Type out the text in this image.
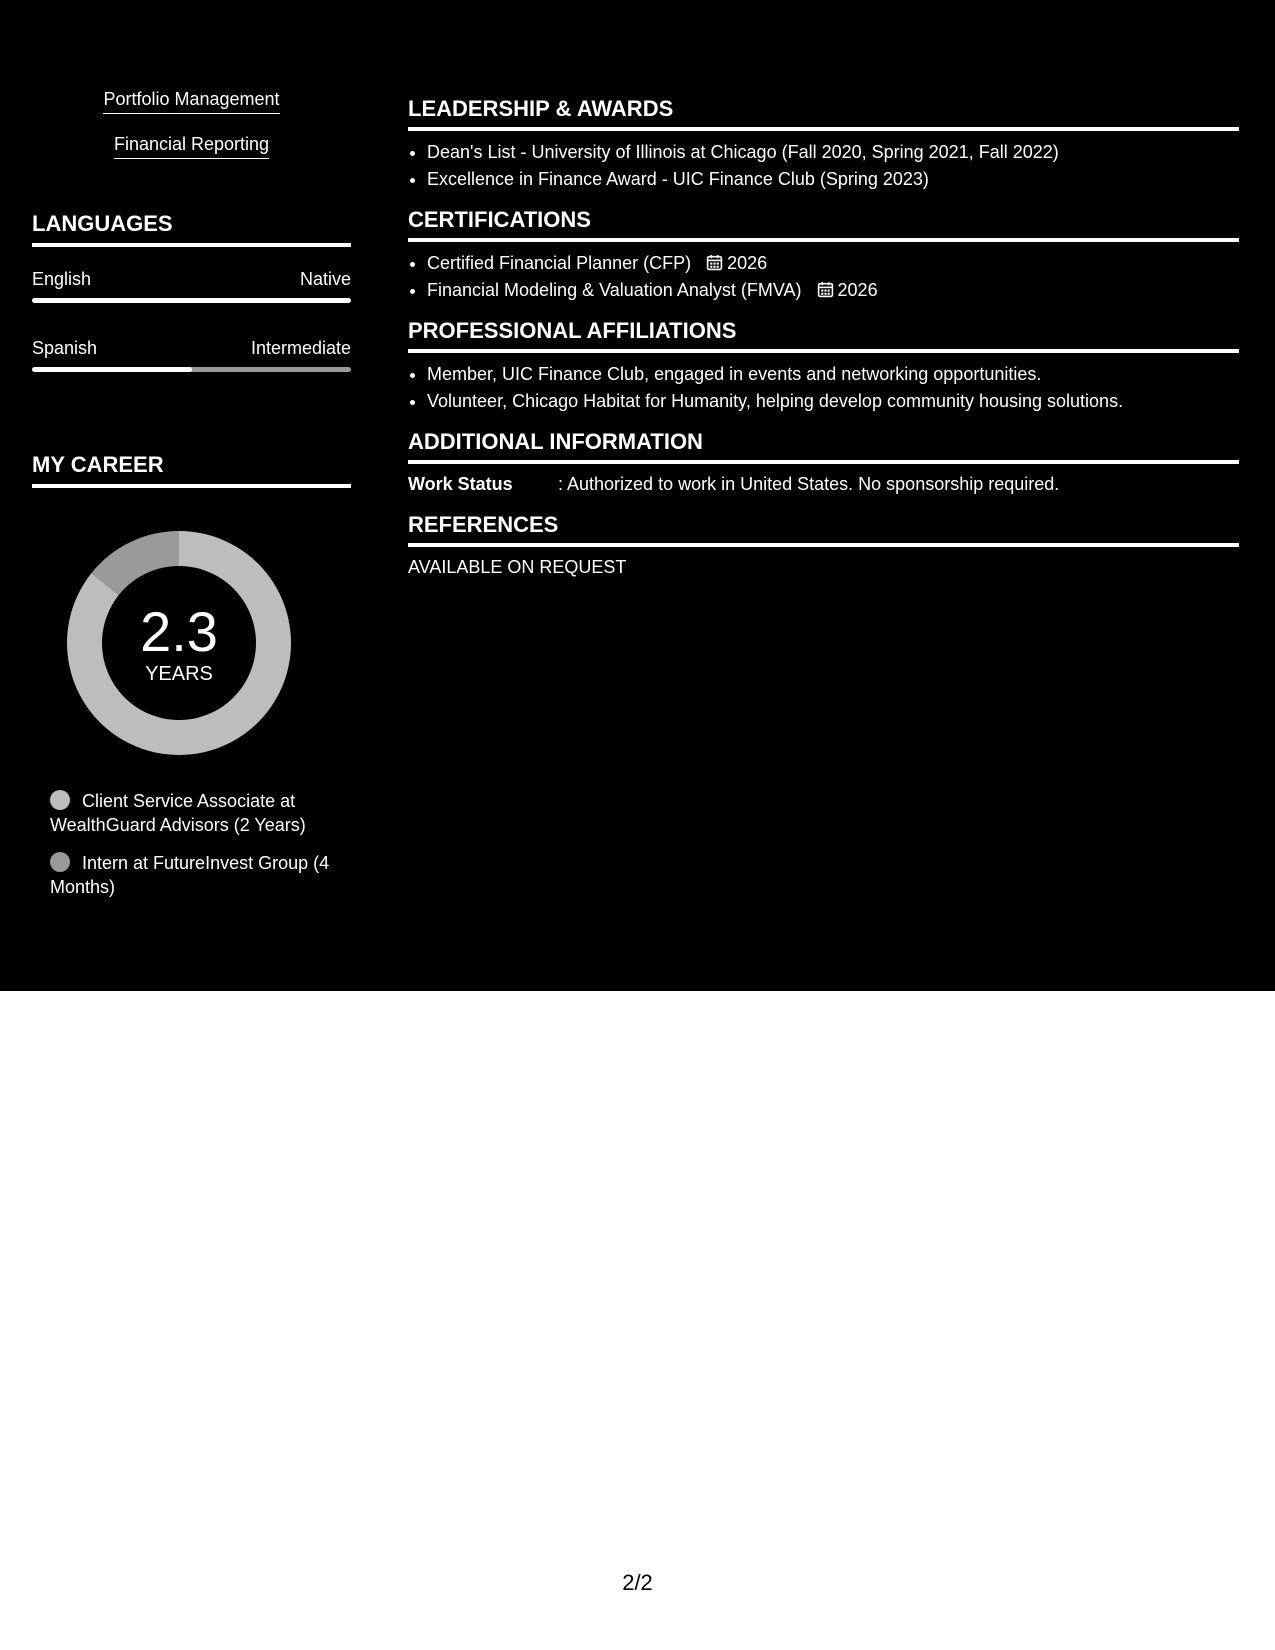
Portfolio Management
Financial Reporting
LANGUAGES
English	Native
Spanish	Intermediate
MY CAREER
2.3
YEARS
Client Service Associate at WealthGuard Advisors (2 Years)
Intern at FutureInvest Group (4 Months)
LEADERSHIP & AWARDS
• Dean's List - University of Illinois at Chicago (Fall 2020, Spring 2021, Fall 2022)
• Excellence in Finance Award - UIC Finance Club (Spring 2023)
CERTIFICATIONS
• Certified Financial Planner (CFP) 2026
• Financial Modeling & Valuation Analyst (FMVA) 2026
PROFESSIONAL AFFILIATIONS
• Member, UIC Finance Club, engaged in events and networking opportunities.
• Volunteer, Chicago Habitat for Humanity, helping develop community housing solutions.
ADDITIONAL INFORMATION
Work Status	: Authorized to work in United States. No sponsorship required.
REFERENCES
AVAILABLE ON REQUEST
2/2
